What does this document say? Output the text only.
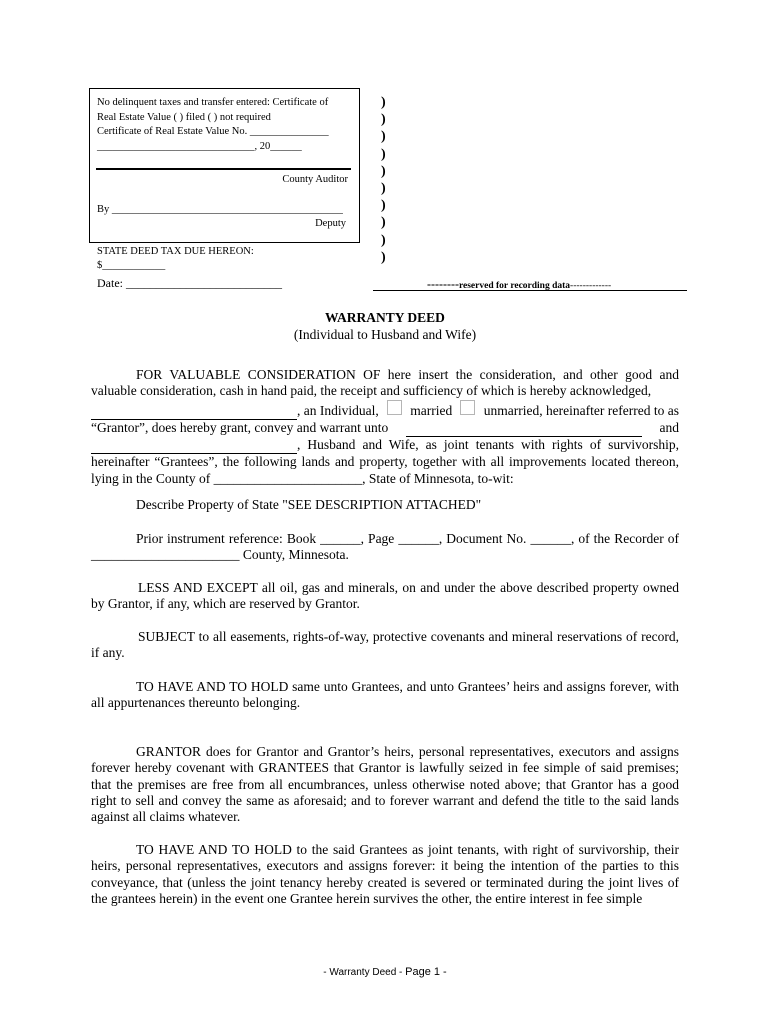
No delinquent taxes and transfer entered: Certificate of
Real Estate Value ( ) filed ( ) not required
Certificate of Real Estate Value No. _______________
______________________________, 20______
County Auditor
By ____________________________________________
Deputy
STATE DEED TAX DUE HEREON:
$____________
Date: __________________________
)
)
)
)
)
)
)
)
)
)
--------reserved for recording data-------------
WARRANTY DEED
(Individual to Husband and Wife)
FOR VALUABLE CONSIDERATION OF here insert the consideration, and other good and valuable consideration, cash in hand paid, the receipt and sufficiency of which is hereby acknowledged,
, an Individual, married unmarried, hereinafter referred to as
“Grantor”, does hereby grant, convey and warrant unto
	and
, Husband and Wife, as joint tenants with rights of survivorship, hereinafter “Grantees”, the following lands and property, together with all improvements located thereon, lying in the County of ______________________, State of Minnesota, to-wit:
Describe Property of State "SEE DESCRIPTION ATTACHED"
Prior instrument reference: Book ______, Page ______, Document No. ______, of the Recorder of ______________________ County, Minnesota.
LESS AND EXCEPT all oil, gas and minerals, on and under the above described property owned by Grantor, if any, which are reserved by Grantor.
SUBJECT to all easements, rights-of-way, protective covenants and mineral reservations of record, if any.
TO HAVE AND TO HOLD same unto Grantees, and unto Grantees’ heirs and assigns forever, with all appurtenances thereunto belonging.
GRANTOR does for Grantor and Grantor’s heirs, personal representatives, executors and assigns forever hereby covenant with GRANTEES that Grantor is lawfully seized in fee simple of said premises; that the premises are free from all encumbrances, unless otherwise noted above; that Grantor has a good right to sell and convey the same as aforesaid; and to forever warrant and defend the title to the said lands against all claims whatever.
TO HAVE AND TO HOLD to the said Grantees as joint tenants, with right of survivorship, their heirs, personal representatives, executors and assigns forever: it being the intention of the parties to this conveyance, that (unless the joint tenancy hereby created is severed or terminated during the joint lives of the grantees herein) in the event one Grantee herein survives the other, the entire interest in fee simple
- Warranty Deed - Page 1 -
